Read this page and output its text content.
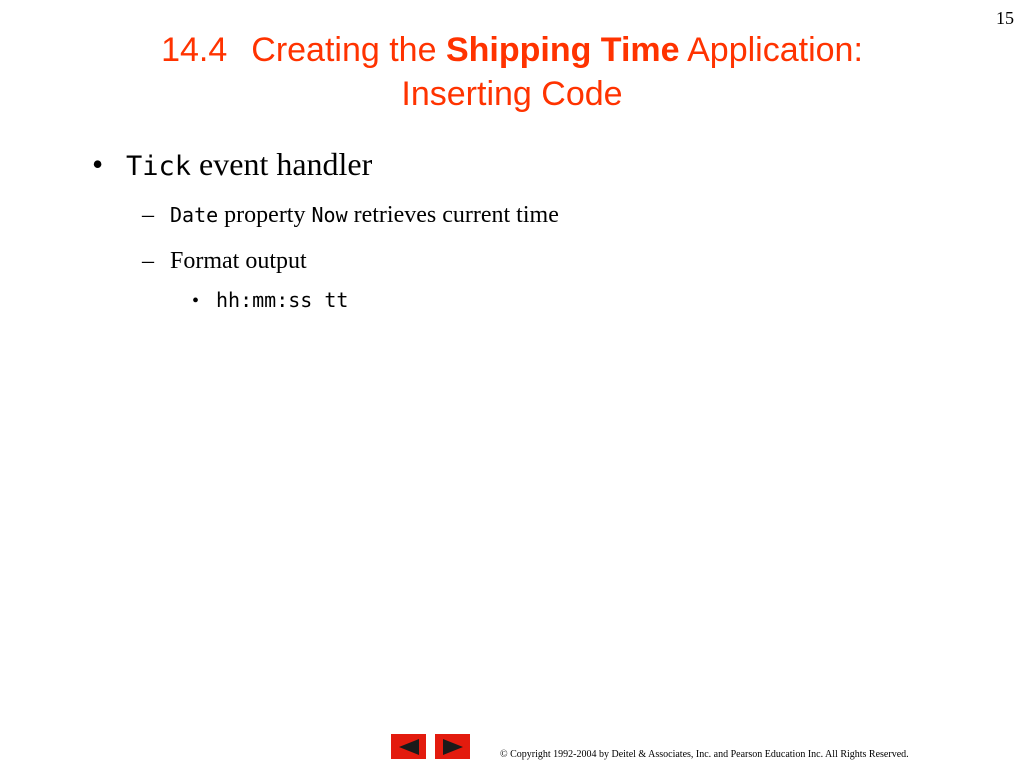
15
14.4 Creating the Shipping Time Application:
Inserting Code
• Tick event handler
– Date property Now retrieves current time
– Format output
• hh:mm:ss tt
© Copyright 1992-2004 by Deitel & Associates, Inc. and Pearson Education Inc. All Rights Reserved.
